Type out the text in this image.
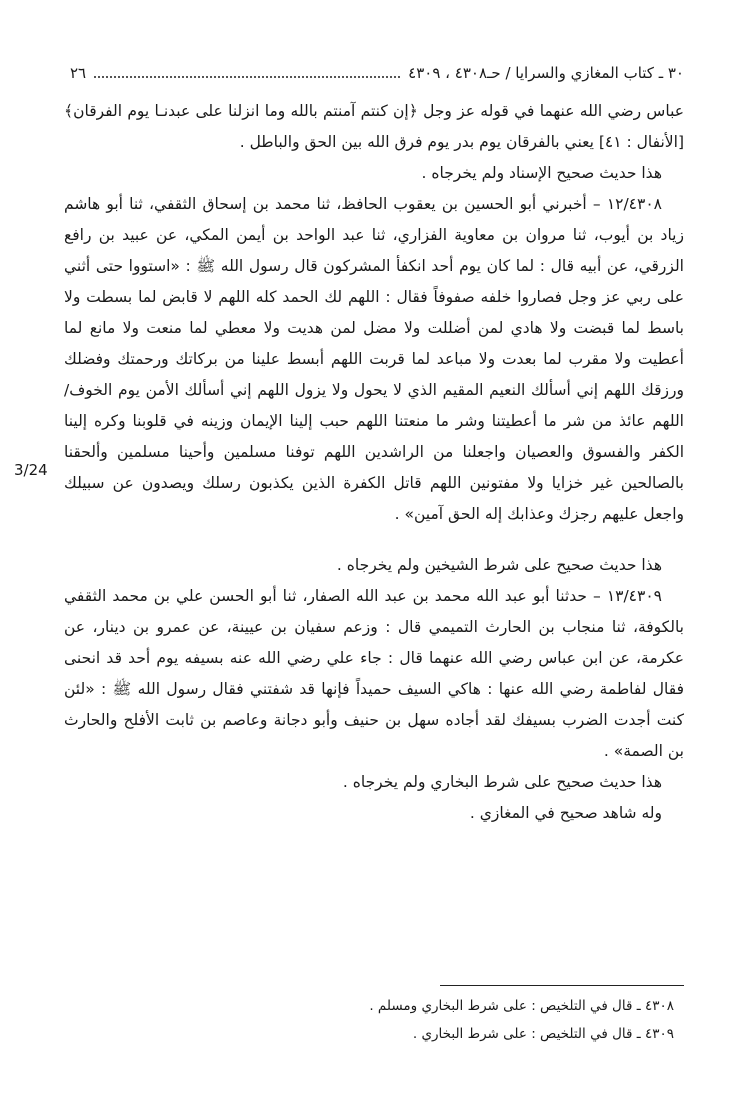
٣٠ ـ كتاب المغازي والسرايا / حـ٤٣٠٨ ، ٤٣٠٩
٢٦
3/24

عباس رضي الله عنهما في قوله عز وجل ﴿إن كنتم آمنتم بالله وما انزلنا على عبدنـا يوم الفرقان﴾ [الأنفال : ٤١] يعني بالفرقان يوم بدر يوم فرق الله بين الحق والباطل .

هذا حديث صحيح الإسناد ولم يخرجاه .

١٢/٤٣٠٨ – أخبرني أبو الحسين بن يعقوب الحافظ، ثنا محمد بن إسحاق الثقفي، ثنا أبو هاشم زياد بن أيوب، ثنا مروان بن معاوية الفزاري، ثنا عبد الواحد بن أيمن المكي، عن عبيد بن رافع الزرقي، عن أبيه قال : لما كان يوم أحد انكفأ المشركون قال رسول الله ﷺ : «استووا حتى أثني على ربي عز وجل فصاروا خلفه صفوفاً فقال : اللهم لك الحمد كله اللهم لا قابض لما بسطت ولا باسط لما قبضت ولا هادي لمن أضللت ولا مضل لمن هديت ولا معطي لما منعت ولا مانع لما أعطيت ولا مقرب لما بعدت ولا مباعد لما قربت اللهم أبسط علينا من بركاتك ورحمتك وفضلك ورزقك اللهم إني أسألك النعيم المقيم الذي لا يحول ولا يزول اللهم إني أسألك الأمن يوم الخوف/ اللهم عائذ من شر ما أعطيتنا وشر ما منعتنا اللهم حبب إلينا الإيمان وزينه في قلوبنا وكره إلينا الكفر والفسوق والعصيان واجعلنا من الراشدين اللهم توفنا مسلمين وأحينا مسلمين وألحقنا بالصالحين غير خزايا ولا مفتونين اللهم قاتل الكفرة الذين يكذبون رسلك ويصدون عن سبيلك واجعل عليهم رجزك وعذابك إله الحق آمين» .

هذا حديث صحيح على شرط الشيخين ولم يخرجاه .

١٣/٤٣٠٩ – حدثنا أبو عبد الله محمد بن عبد الله الصفار، ثنا أبو الحسن علي بن محمد الثقفي بالكوفة، ثنا منجاب بن الحارث التميمي قال : وزعم سفيان بن عيينة، عن عمرو بن دينار، عن عكرمة، عن ابن عباس رضي الله عنهما قال : جاء علي رضي الله عنه بسيفه يوم أحد قد انحنى فقال لفاطمة رضي الله عنها : هاكي السيف حميداً فإنها قد شفتني فقال رسول الله ﷺ : «لئن كنت أجدت الضرب بسيفك لقد أجاده سهل بن حنيف وأبو دجانة وعاصم بن ثابت الأفلح والحارث بن الصمة» .

هذا حديث صحيح على شرط البخاري ولم يخرجاه .

وله شاهد صحيح في المغازي .

٤٣٠٨ ـ قال في التلخيص : على شرط البخاري ومسلم .

٤٣٠٩ ـ قال في التلخيص : على شرط البخاري .
